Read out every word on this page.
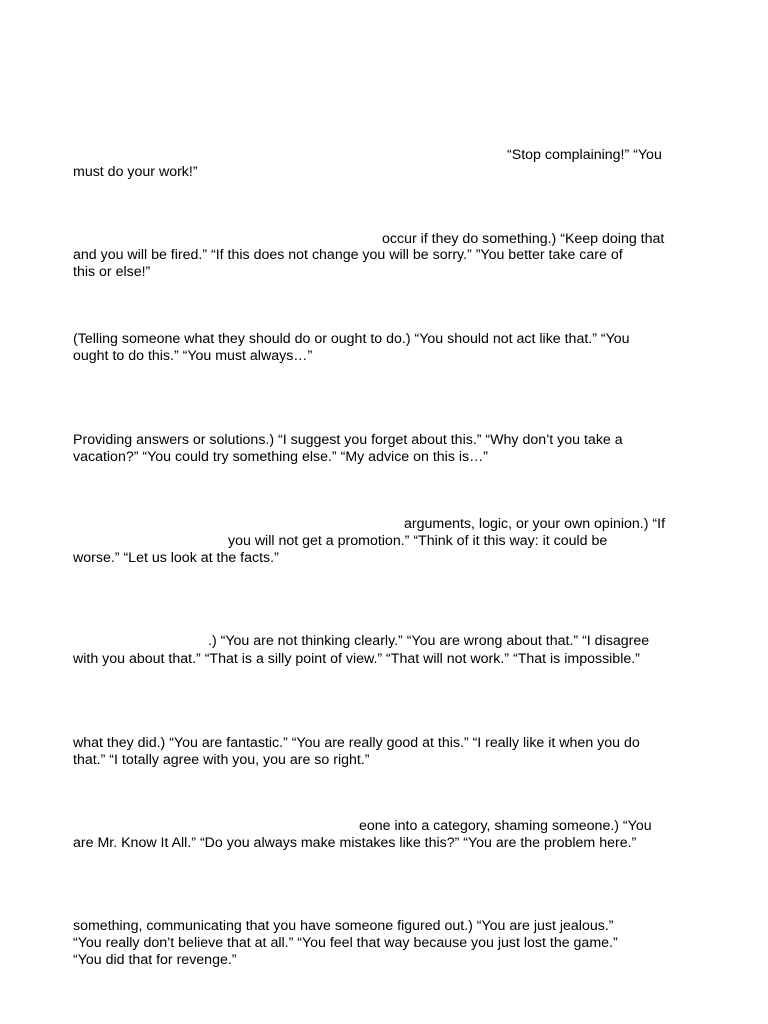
“Stop complaining!” “You

must do your work!”

occur if they do something.) “Keep doing that

and you will be fired.” “If this does not change you will be sorry.” ”You better take care of

this or else!”

(Telling someone what they should do or ought to do.) “You should not act like that.” “You

ought to do this.” “You must always…”

Providing answers or solutions.) “I suggest you forget about this.” “Why don’t you take a

vacation?” “You could try something else.” “My advice on this is…”

arguments, logic, or your own opinion.) “If

you will not get a promotion.” “Think of it this way: it could be

worse.” “Let us look at the facts.”

.) “You are not thinking clearly.” “You are wrong about that.” “I disagree

with you about that.” “That is a silly point of view.” “That will not work.” “That is impossible.”

what they did.) “You are fantastic.” “You are really good at this.” “I really like it when you do

that.” “I totally agree with you, you are so right.”

eone into a category, shaming someone.) “You

are Mr. Know It All.” “Do you always make mistakes like this?” “You are the problem here.”

something, communicating that you have someone figured out.) “You are just jealous.”

“You really don’t believe that at all.” “You feel that way because you just lost the game.”

“You did that for revenge.”
